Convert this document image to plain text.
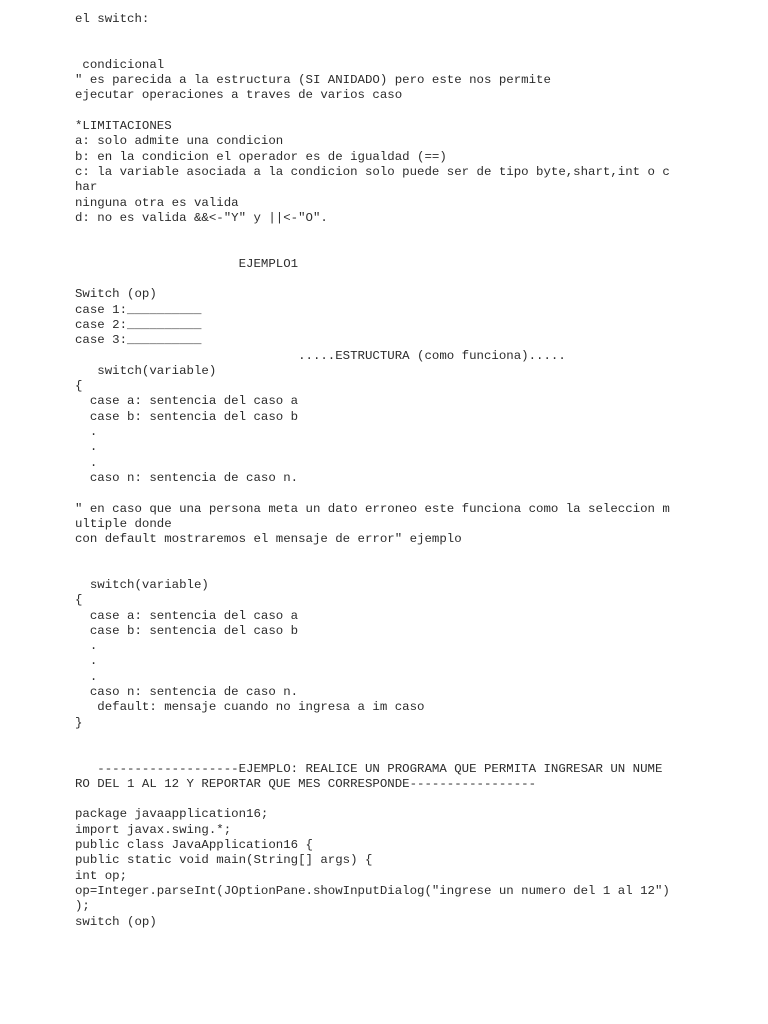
el switch:
condicional
" es parecida a la estructura (SI ANIDADO) pero este nos permite
ejecutar operaciones a traves de varios caso
*LIMITACIONES
a: solo admite una condicion
b: en la condicion el operador es de igualdad (==)
c: la variable asociada a la condicion solo puede ser de tipo byte,shart,int o c
har
ninguna otra es valida
d: no es valida &&<-"Y" y ||<-"O".
EJEMPLO1
Switch (op)
case 1:__________
case 2:__________
case 3:__________
.....ESTRUCTURA (como funciona).....
switch(variable)
{
case a: sentencia del caso a
case b: sentencia del caso b
.
.
.
caso n: sentencia de caso n.
" en caso que una persona meta un dato erroneo este funciona como la seleccion m
ultiple donde
con default mostraremos el mensaje de error" ejemplo
switch(variable)
{
case a: sentencia del caso a
case b: sentencia del caso b
.
.
.
caso n: sentencia de caso n.
default: mensaje cuando no ingresa a im caso
}
-------------------EJEMPLO: REALICE UN PROGRAMA QUE PERMITA INGRESAR UN NUME
RO DEL 1 AL 12 Y REPORTAR QUE MES CORRESPONDE-----------------
package javaapplication16;
import javax.swing.*;
public class JavaApplication16 {
public static void main(String[] args) {
int op;
op=Integer.parseInt(JOptionPane.showInputDialog("ingrese un numero del 1 al 12")
);
switch (op)
